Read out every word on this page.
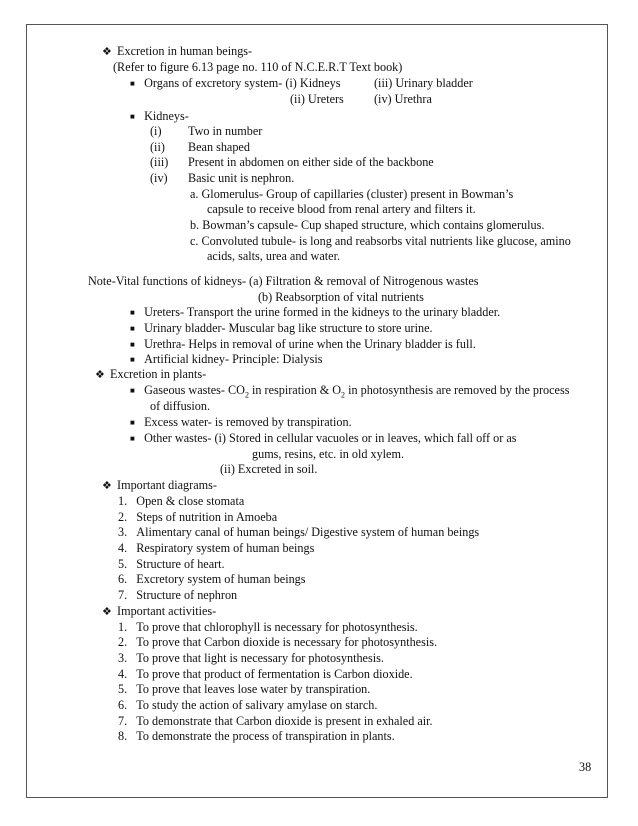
❖ Excretion in human beings-
(Refer to figure 6.13 page no. 110 of N.C.E.R.T Text book)
■ Organs of excretory system- (i) Kidneys	(iii) Urinary bladder
(ii) Ureters (iv) Urethra
■ Kidneys-
(i) Two in number
(ii) Bean shaped
(iii) Present in abdomen on either side of the backbone
(iv) Basic unit is nephron.
a. Glomerulus- Group of capillaries (cluster) present in Bowman’s
capsule to receive blood from renal artery and filters it.
b. Bowman’s capsule- Cup shaped structure, which contains glomerulus.
c. Convoluted tubule- is long and reabsorbs vital nutrients like glucose, amino
acids, salts, urea and water.
Note-Vital functions of kidneys- (a) Filtration & removal of Nitrogenous wastes
(b) Reabsorption of vital nutrients
■ Ureters- Transport the urine formed in the kidneys to the urinary bladder.
■ Urinary bladder- Muscular bag like structure to store urine.
■ Urethra- Helps in removal of urine when the Urinary bladder is full.
■ Artificial kidney- Principle: Dialysis
❖ Excretion in plants-
■ Gaseous wastes- $CO_2$ in respiration & $O_2$ in photosynthesis are removed by the process
of diffusion.
■ Excess water- is removed by transpiration.
■ Other wastes- (i) Stored in cellular vacuoles or in leaves, which fall off or as
gums, resins, etc. in old xylem.
(ii) Excreted in soil.
❖ Important diagrams-
1.   Open & close stomata
2.   Steps of nutrition in Amoeba
3.   Alimentary canal of human beings/ Digestive system of human beings
4.   Respiratory system of human beings
5.   Structure of heart.
6.   Excretory system of human beings
7.   Structure of nephron
❖ Important activities-
1.   To prove that chlorophyll is necessary for photosynthesis.
2.   To prove that Carbon dioxide is necessary for photosynthesis.
3.   To prove that light is necessary for photosynthesis.
4.   To prove that product of fermentation is Carbon dioxide.
5.   To prove that leaves lose water by transpiration.
6.   To study the action of salivary amylase on starch.
7.   To demonstrate that Carbon dioxide is present in exhaled air.
8.   To demonstrate the process of transpiration in plants.
38
